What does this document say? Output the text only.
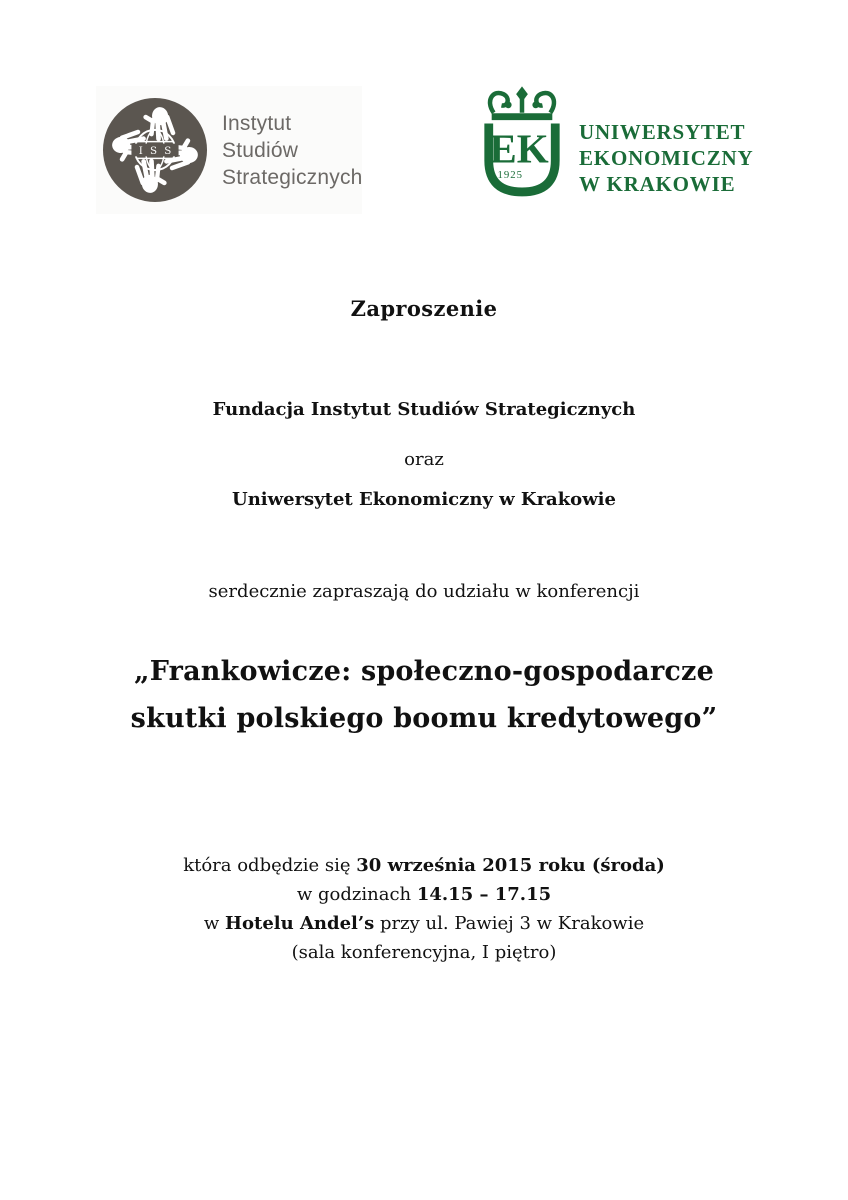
I S S
Instytut
Studiów
Strategicznych
EK
1925
UNIWERSYTET
EKONOMICZNY
W KRAKOWIE
Zaproszenie
Fundacja Instytut Studiów Strategicznych
oraz
Uniwersytet Ekonomiczny w Krakowie
serdecznie zapraszają do udziału w konferencji
„Frankowicze: społeczno-gospodarcze
skutki polskiego boomu kredytowego”
która odbędzie się 30 września 2015 roku (środa)
w godzinach 14.15 – 17.15
w Hotelu Andel’s przy ul. Pawiej 3 w Krakowie
(sala konferencyjna, I piętro)
